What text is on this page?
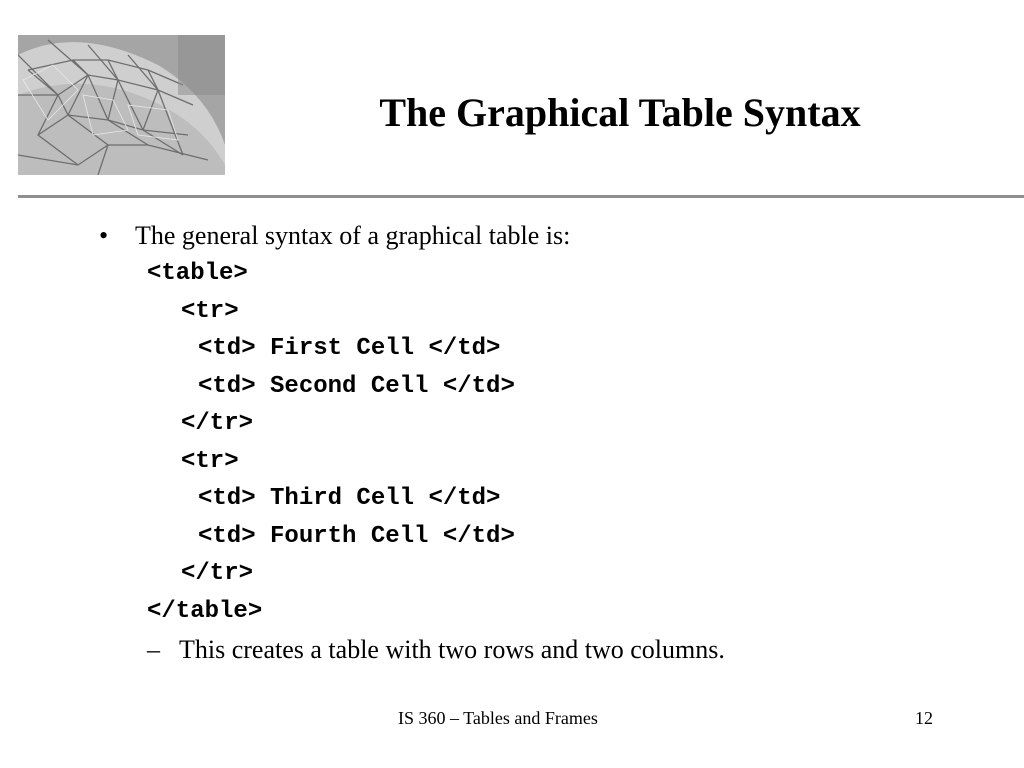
The Graphical Table Syntax
• The general syntax of a graphical table is:
<table>
<tr>
<td> First Cell </td>
<td> Second Cell </td>
</tr>
<tr>
<td> Third Cell </td>
<td> Fourth Cell </td>
</tr>
</table>
– This creates a table with two rows and two columns.
IS 360 – Tables and Frames	12
